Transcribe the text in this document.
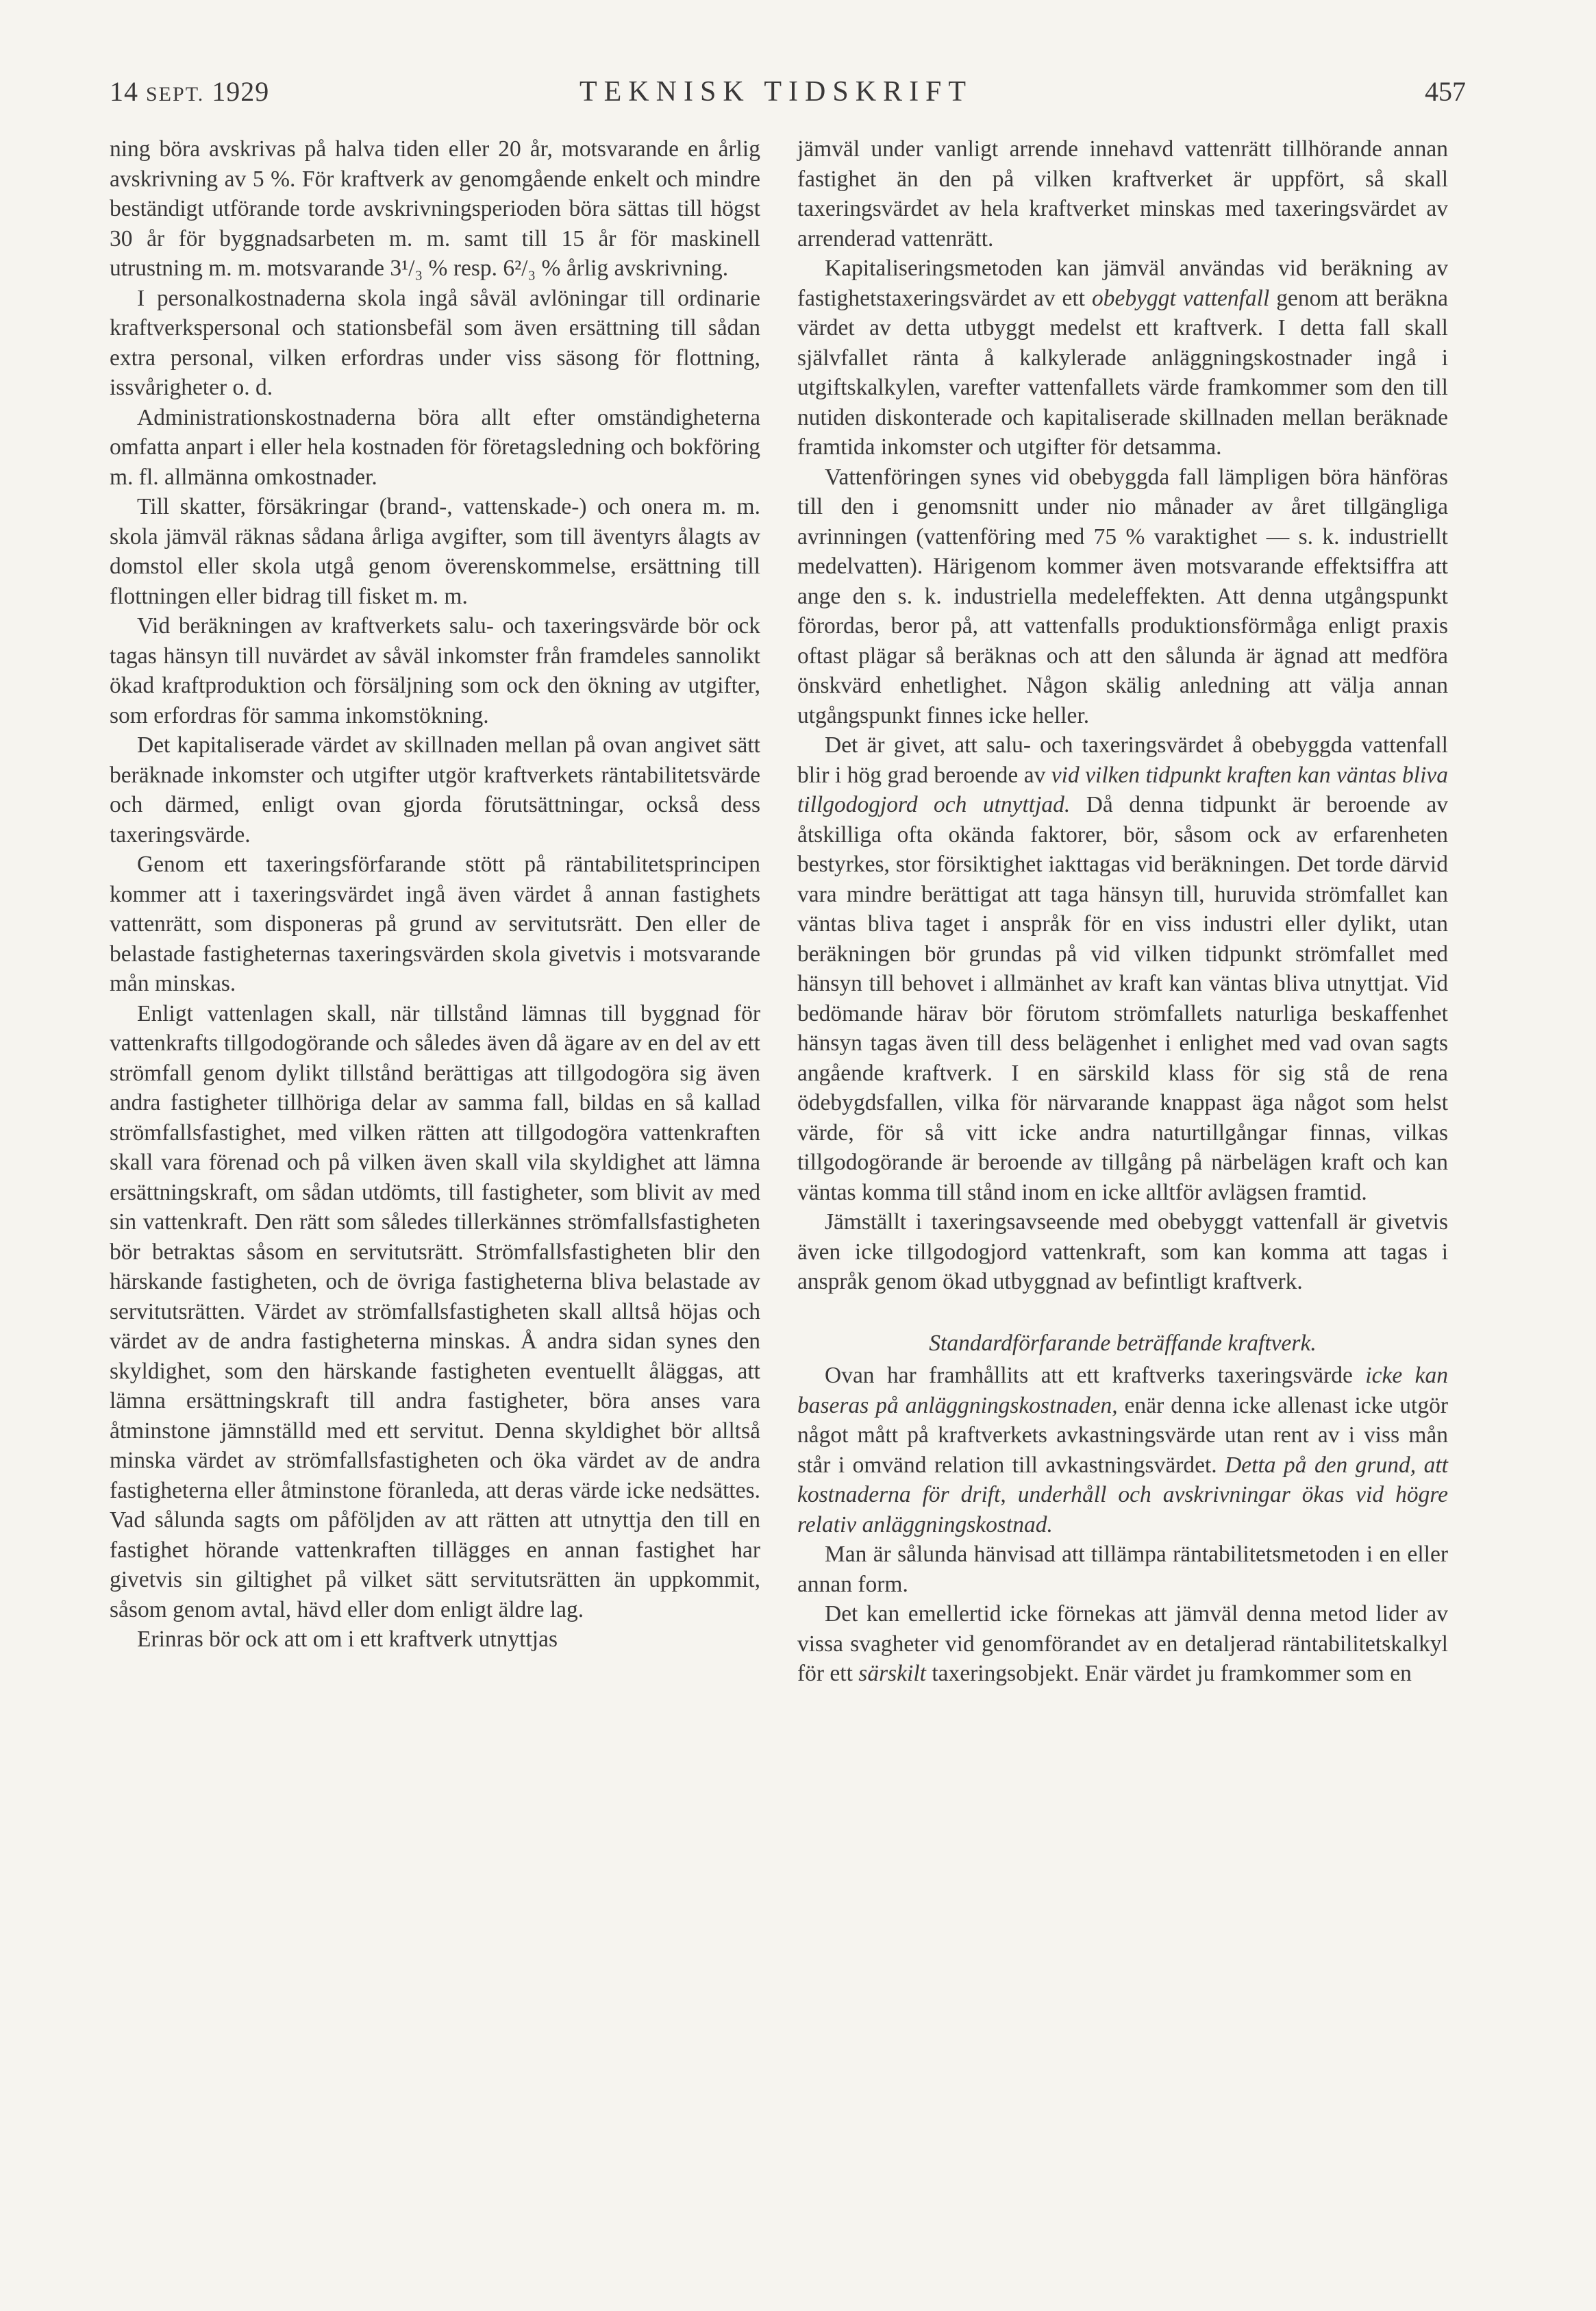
14 SEPT. 1929	TEKNISK TIDSKRIFT	457

ning böra avskrivas på halva tiden eller 20 år, motsvarande en årlig avskrivning av 5 %. För kraftverk av genomgående enkelt och mindre beständigt utförande torde avskrivningsperioden böra sättas till högst 30 år för byggnadsarbeten m. m. samt till 15 år för maskinell utrustning m. m. motsvarande 3¹/₃ % resp. 6²/₃ % årlig avskrivning.

I personalkostnaderna skola ingå såväl avlöningar till ordinarie kraftverkspersonal och stationsbefäl som även ersättning till sådan extra personal, vilken erfordras under viss säsong för flottning, issvårigheter o. d.

Administrationskostnaderna böra allt efter omständigheterna omfatta anpart i eller hela kostnaden för företagsledning och bokföring m. fl. allmänna omkostnader.

Till skatter, försäkringar (brand-, vattenskade-) och onera m. m. skola jämväl räknas sådana årliga avgifter, som till äventyrs ålagts av domstol eller skola utgå genom överenskommelse, ersättning till flottningen eller bidrag till fisket m. m.

Vid beräkningen av kraftverkets salu- och taxeringsvärde bör ock tagas hänsyn till nuvärdet av såväl inkomster från framdeles sannolikt ökad kraftproduktion och försäljning som ock den ökning av utgifter, som erfordras för samma inkomstökning.

Det kapitaliserade värdet av skillnaden mellan på ovan angivet sätt beräknade inkomster och utgifter utgör kraftverkets räntabilitetsvärde och därmed, enligt ovan gjorda förutsättningar, också dess taxeringsvärde.

Genom ett taxeringsförfarande stött på räntabilitetsprincipen kommer att i taxeringsvärdet ingå även värdet å annan fastighets vattenrätt, som disponeras på grund av servitutsrätt. Den eller de belastade fastigheternas taxeringsvärden skola givetvis i motsvarande mån minskas.

Enligt vattenlagen skall, när tillstånd lämnas till byggnad för vattenkrafts tillgodogörande och således även då ägare av en del av ett strömfall genom dylikt tillstånd berättigas att tillgodogöra sig även andra fastigheter tillhöriga delar av samma fall, bildas en så kallad strömfallsfastighet, med vilken rätten att tillgodogöra vattenkraften skall vara förenad och på vilken även skall vila skyldighet att lämna ersättningskraft, om sådan utdömts, till fastigheter, som blivit av med sin vattenkraft. Den rätt som således tillerkännes strömfallsfastigheten bör betraktas såsom en servitutsrätt. Strömfallsfastigheten blir den härskande fastigheten, och de övriga fastigheterna bliva belastade av servitutsrätten. Värdet av strömfallsfastigheten skall alltså höjas och värdet av de andra fastigheterna minskas. Å andra sidan synes den skyldighet, som den härskande fastigheten eventuellt åläggas, att lämna ersättningskraft till andra fastigheter, böra anses vara åtminstone jämnställd med ett servitut. Denna skyldighet bör alltså minska värdet av strömfallsfastigheten och öka värdet av de andra fastigheterna eller åtminstone föranleda, att deras värde icke nedsättes. Vad sålunda sagts om påföljden av att rätten att utnyttja den till en fastighet hörande vattenkraften tillägges en annan fastighet har givetvis sin giltighet på vilket sätt servitutsrätten än uppkommit, såsom genom avtal, hävd eller dom enligt äldre lag.

Erinras bör ock att om i ett kraftverk utnyttjas

jämväl under vanligt arrende innehavd vattenrätt tillhörande annan fastighet än den på vilken kraftverket är uppfört, så skall taxeringsvärdet av hela kraftverket minskas med taxeringsvärdet av arrenderad vattenrätt.

Kapitaliseringsmetoden kan jämväl användas vid beräkning av fastighetstaxeringsvärdet av ett obebyggt vattenfall genom att beräkna värdet av detta utbyggt medelst ett kraftverk. I detta fall skall självfallet ränta å kalkylerade anläggningskostnader ingå i utgiftskalkylen, varefter vattenfallets värde framkommer som den till nutiden diskonterade och kapitaliserade skillnaden mellan beräknade framtida inkomster och utgifter för detsamma.

Vattenföringen synes vid obebyggda fall lämpligen böra hänföras till den i genomsnitt under nio månader av året tillgängliga avrinningen (vattenföring med 75 % varaktighet — s. k. industriellt medelvatten). Härigenom kommer även motsvarande effektsiffra att ange den s. k. industriella medeleffekten. Att denna utgångspunkt förordas, beror på, att vattenfalls produktionsförmåga enligt praxis oftast plägar så beräknas och att den sålunda är ägnad att medföra önskvärd enhetlighet. Någon skälig anledning att välja annan utgångspunkt finnes icke heller.

Det är givet, att salu- och taxeringsvärdet å obebyggda vattenfall blir i hög grad beroende av vid vilken tidpunkt kraften kan väntas bliva tillgodogjord och utnyttjad. Då denna tidpunkt är beroende av åtskilliga ofta okända faktorer, bör, såsom ock av erfarenheten bestyrkes, stor försiktighet iakttagas vid beräkningen. Det torde därvid vara mindre berättigat att taga hänsyn till, huruvida strömfallet kan väntas bliva taget i anspråk för en viss industri eller dylikt, utan beräkningen bör grundas på vid vilken tidpunkt strömfallet med hänsyn till behovet i allmänhet av kraft kan väntas bliva utnyttjat. Vid bedömande härav bör förutom strömfallets naturliga beskaffenhet hänsyn tagas även till dess belägenhet i enlighet med vad ovan sagts angående kraftverk. I en särskild klass för sig stå de rena ödebygdsfallen, vilka för närvarande knappast äga något som helst värde, för så vitt icke andra naturtillgångar finnas, vilkas tillgodogörande är beroende av tillgång på närbelägen kraft och kan väntas komma till stånd inom en icke alltför avlägsen framtid.

Jämställt i taxeringsavseende med obebyggt vattenfall är givetvis även icke tillgodogjord vattenkraft, som kan komma att tagas i anspråk genom ökad utbyggnad av befintligt kraftverk.

Standardförfarande beträffande kraftverk.

Ovan har framhållits att ett kraftverks taxeringsvärde icke kan baseras på anläggningskostnaden, enär denna icke allenast icke utgör något mått på kraftverkets avkastningsvärde utan rent av i viss mån står i omvänd relation till avkastningsvärdet. Detta på den grund, att kostnaderna för drift, underhåll och avskrivningar ökas vid högre relativ anläggningskostnad.

Man är sålunda hänvisad att tillämpa räntabilitetsmetoden i en eller annan form.

Det kan emellertid icke förnekas att jämväl denna metod lider av vissa svagheter vid genomförandet av en detaljerad räntabilitetskalkyl för ett särskilt taxeringsobjekt. Enär värdet ju framkommer som en
